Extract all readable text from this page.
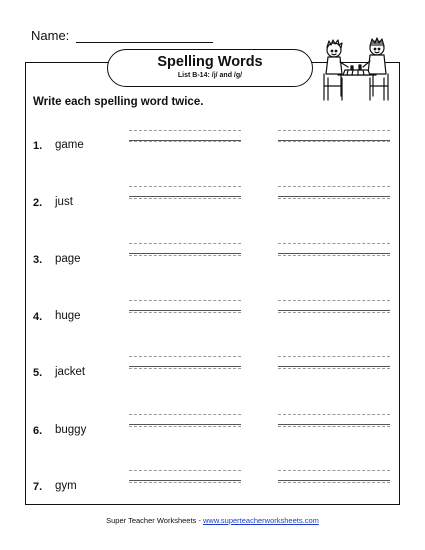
Name:
Spelling Words
List B-14: /j/ and /g/
Write each spelling word twice.
1. game
2. just
3. page
4. huge
5. jacket
6. buggy
7. gym
Super Teacher Worksheets - www.superteacherworksheets.com
